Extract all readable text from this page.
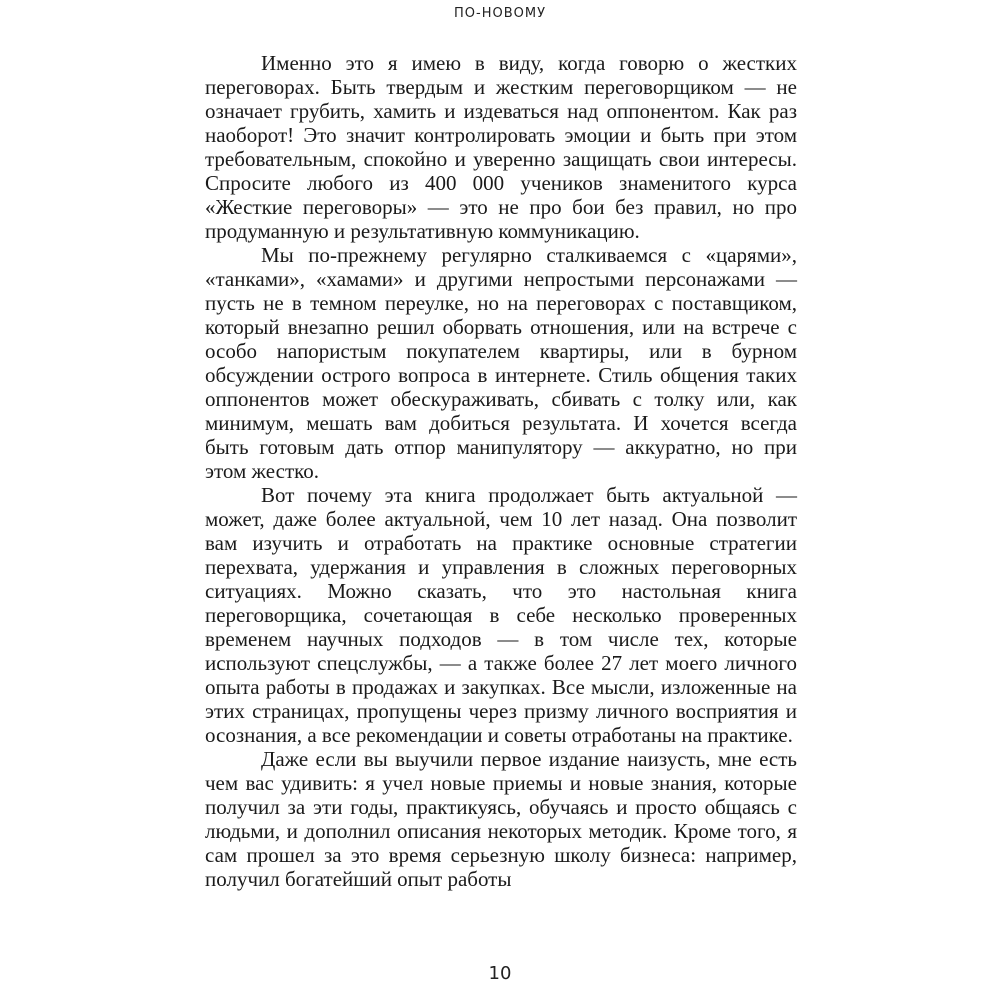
ПО-НОВОМУ

Именно это я имею в виду, когда говорю о жестких переговорах. Быть твердым и жестким переговорщиком — не означает грубить, хамить и издеваться над оппонентом. Как раз наоборот! Это значит контролировать эмоции и быть при этом требовательным, спокойно и уверенно защищать свои интересы. Спросите любого из 400 000 учеников знаменитого курса «Жесткие переговоры» — это не про бои без правил, но про продуманную и результативную коммуникацию.

Мы по-прежнему регулярно сталкиваемся с «царями», «танками», «хамами» и другими непростыми персонажами — пусть не в темном переулке, но на переговорах с поставщиком, который внезапно решил оборвать отношения, или на встрече с особо напористым покупателем квартиры, или в бурном обсуждении острого вопроса в интернете. Стиль общения таких оппонентов может обескураживать, сбивать с толку или, как минимум, мешать вам добиться результата. И хочется всегда быть готовым дать отпор манипулятору — аккуратно, но при этом жестко.

Вот почему эта книга продолжает быть актуальной — может, даже более актуальной, чем 10 лет назад. Она позволит вам изучить и отработать на практике основные стратегии перехвата, удержания и управления в сложных переговорных ситуациях. Можно сказать, что это настольная книга переговорщика, сочетающая в себе несколько проверенных временем научных подходов — в том числе тех, которые используют спецслужбы, — а также более 27 лет моего личного опыта работы в продажах и закупках. Все мысли, изложенные на этих страницах, пропущены через призму личного восприятия и осознания, а все рекомендации и советы отработаны на практике.

Даже если вы выучили первое издание наизусть, мне есть чем вас удивить: я учел новые приемы и новые знания, которые получил за эти годы, практикуясь, обучаясь и просто общаясь с людьми, и дополнил описания некоторых методик. Кроме того, я сам прошел за это время серьезную школу бизнеса: например, получил богатейший опыт работы

10
